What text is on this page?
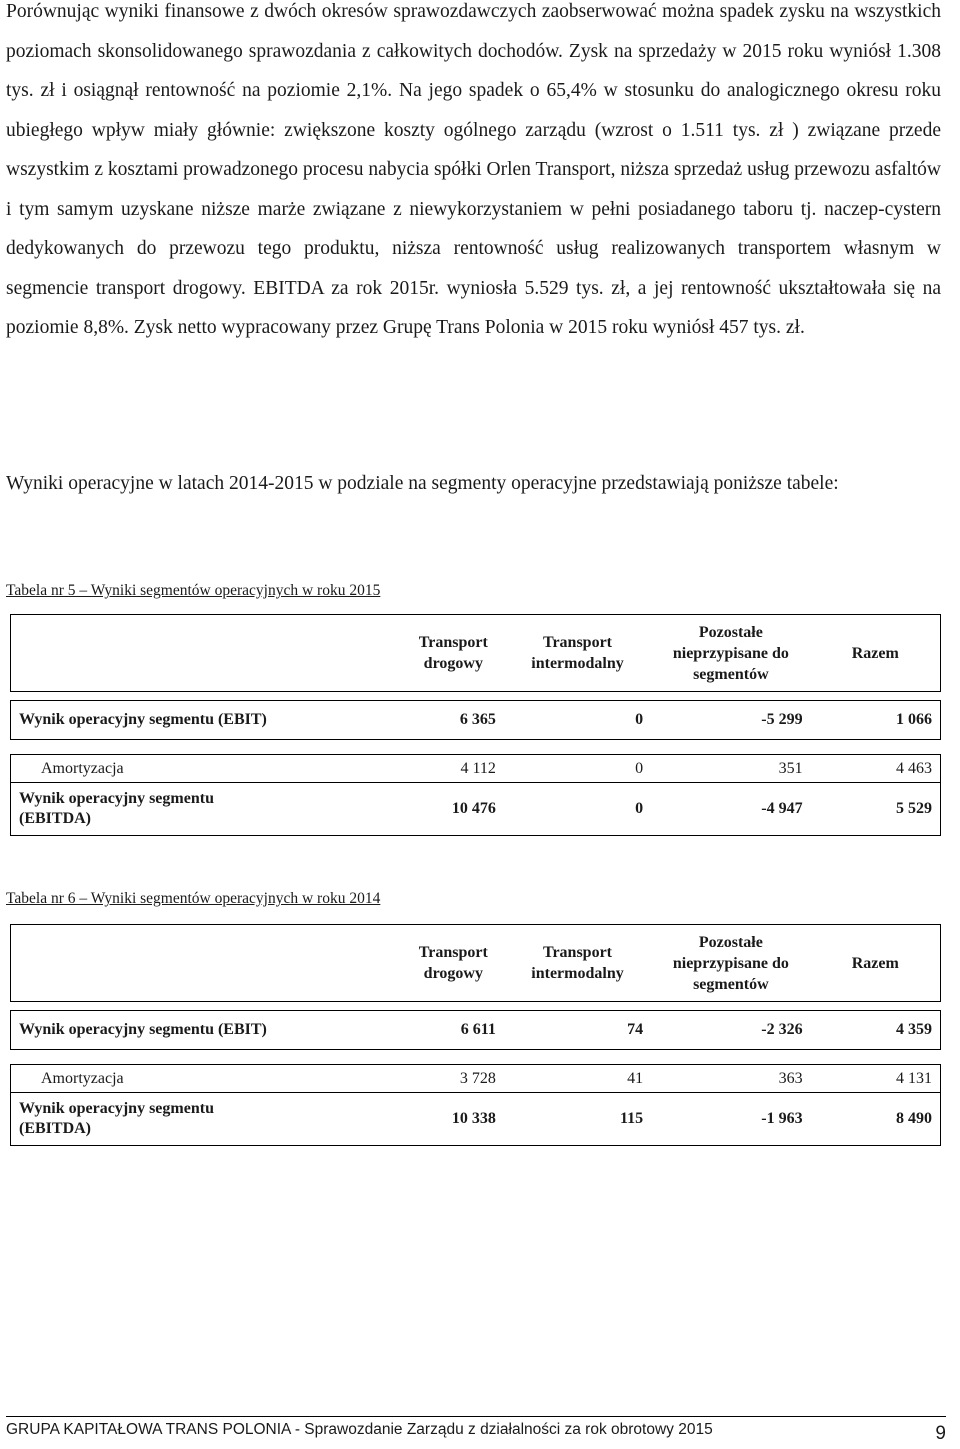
Porównując wyniki finansowe z dwóch okresów sprawozdawczych zaobserwować można spadek zysku na wszystkich poziomach skonsolidowanego sprawozdania z całkowitych dochodów. Zysk na sprzedaży w 2015 roku wyniósł 1.308 tys. zł i osiągnął rentowność na poziomie 2,1%. Na jego spadek o 65,4% w stosunku do analogicznego okresu roku ubiegłego wpływ miały głównie: zwiększone koszty ogólnego zarządu (wzrost o 1.511 tys. zł ) związane przede wszystkim z kosztami prowadzonego procesu nabycia spółki Orlen Transport, niższa sprzedaż usług przewozu asfaltów i tym samym uzyskane niższe marże związane z niewykorzystaniem w pełni posiadanego taboru tj. naczep-cystern dedykowanych do przewozu tego produktu, niższa rentowność usług realizowanych transportem własnym w segmencie transport drogowy. EBITDA za rok 2015r. wyniosła 5.529 tys. zł, a jej rentowność ukształtowała się na poziomie 8,8%. Zysk netto wypracowany przez Grupę Trans Polonia w 2015 roku wyniósł 457 tys. zł.

Wyniki operacyjne w latach 2014-2015 w podziale na segmenty operacyjne przedstawiają poniższe tabele:

Tabela nr 5 – Wyniki segmentów operacyjnych w roku 2015

	Transport drogowy	Transport intermodalny	Pozostałe nieprzypisane do segmentów	Razem

Wynik operacyjny segmentu (EBIT)	6 365	0	-5 299	1 066

Amortyzacja	4 112	0	351	4 463

Wynik operacyjny segmentu (EBITDA)	10 476	0	-4 947	5 529

Tabela nr 6 – Wyniki segmentów operacyjnych w roku 2014

	Transport drogowy	Transport intermodalny	Pozostałe nieprzypisane do segmentów	Razem

Wynik operacyjny segmentu (EBIT)	6 611	74	-2 326	4 359

Amortyzacja	3 728	41	363	4 131

Wynik operacyjny segmentu (EBITDA)	10 338	115	-1 963	8 490
GRUPA KAPITAŁOWA TRANS POLONIA - Sprawozdanie Zarządu z działalności za rok obrotowy 2015	9
